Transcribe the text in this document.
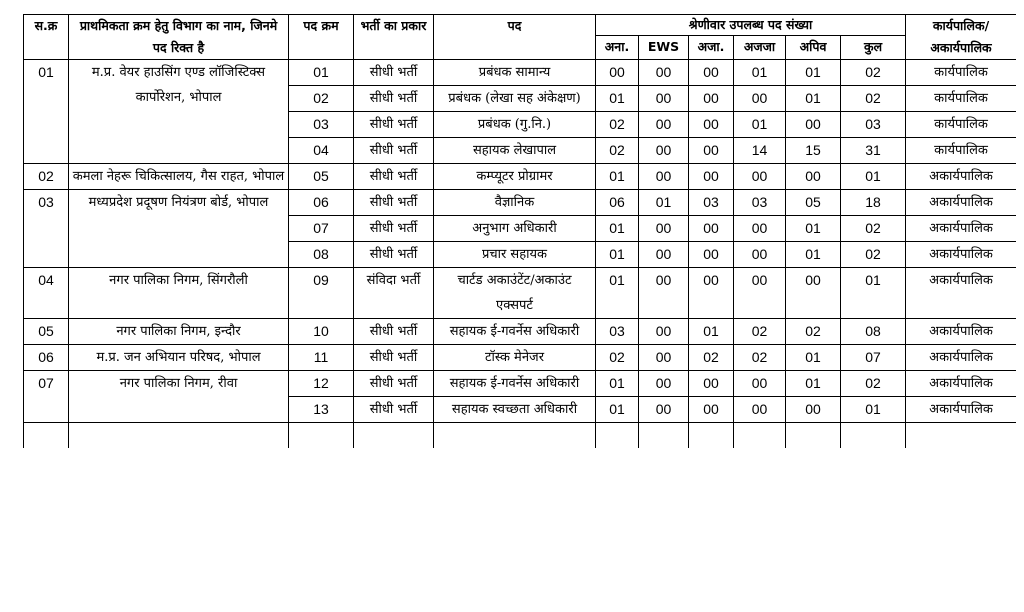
स.क्र	प्राथमिकता क्रम हेतु विभाग का नाम, जिनमे पद रिक्त है	पद क्रम	भर्ती का प्रकार	पद	श्रेणीवार उपलब्ध पद संख्या						कार्यपालिक/ अकार्यपालिक
					अना.	EWS	अजा.	अजजा	अपिव	कुल	
01	म.प्र. वेयर हाउसिंग एण्ड लॉजिस्टिक्स कार्पोरेशन, भोपाल	01	सीधी भर्ती	प्रबंधक सामान्य	00	00	00	01	01	02	कार्यपालिक
		02	सीधी भर्ती	प्रबंधक (लेखा सह अंकेक्षण)	01	00	00	00	01	02	कार्यपालिक
		03	सीधी भर्ती	प्रबंधक (गु.नि.)	02	00	00	01	00	03	कार्यपालिक
		04	सीधी भर्ती	सहायक लेखापाल	02	00	00	14	15	31	कार्यपालिक
02	कमला नेहरू चिकित्सालय, गैस राहत, भोपाल	05	सीधी भर्ती	कम्प्यूटर प्रोग्रामर	01	00	00	00	00	01	अकार्यपालिक
03	मध्यप्रदेश प्रदूषण नियंत्रण बोर्ड, भोपाल	06	सीधी भर्ती	वैज्ञानिक	06	01	03	03	05	18	अकार्यपालिक
		07	सीधी भर्ती	अनुभाग अधिकारी	01	00	00	00	01	02	अकार्यपालिक
		08	सीधी भर्ती	प्रचार सहायक	01	00	00	00	01	02	अकार्यपालिक
04	नगर पालिका निगम, सिंगरौली	09	संविदा भर्ती	चार्टड अकाउंटेंट/अकाउंट एक्सपर्ट	01	00	00	00	00	01	अकार्यपालिक
05	नगर पालिका निगम, इन्दौर	10	सीधी भर्ती	सहायक ई-गवर्नेस अधिकारी	03	00	01	02	02	08	अकार्यपालिक
06	म.प्र. जन अभियान परिषद, भोपाल	11	सीधी भर्ती	टॉस्क मेनेजर	02	00	02	02	01	07	अकार्यपालिक
07	नगर पालिका निगम, रीवा	12	सीधी भर्ती	सहायक ई-गवर्नेस अधिकारी	01	00	00	00	01	02	अकार्यपालिक
		13	सीधी भर्ती	सहायक स्वच्छता अधिकारी	01	00	00	00	00	01	अकार्यपालिक
